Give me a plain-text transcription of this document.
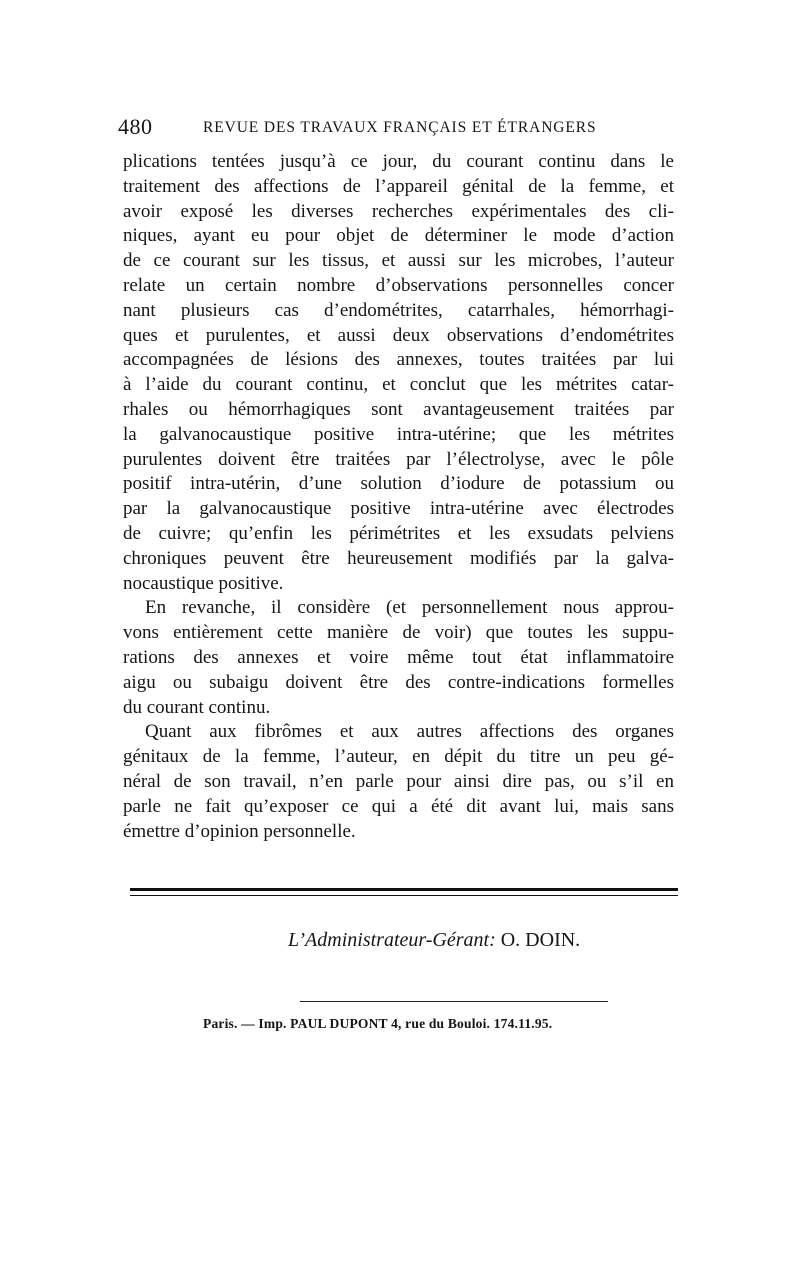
480	REVUE DES TRAVAUX FRANÇAIS ET ÉTRANGERS
plications tentées jusqu’à ce jour, du courant continu dans le
traitement des affections de l’appareil génital de la femme, et
avoir exposé les diverses recherches expérimentales des cli-
niques, ayant eu pour objet de déterminer le mode d’action
de ce courant sur les tissus, et aussi sur les microbes, l’auteur
relate un certain nombre d’observations personnelles concer
nant plusieurs cas d’endométrites, catarrhales, hémorrhagi-
ques et purulentes, et aussi deux observations d’endométrites
accompagnées de lésions des annexes, toutes traitées par lui
à l’aide du courant continu, et conclut que les métrites catar-
rhales ou hémorrhagiques sont avantageusement traitées par
la galvanocaustique positive intra-utérine; que les métrites
purulentes doivent être traitées par l’électrolyse, avec le pôle
positif intra-utérin, d’une solution d’iodure de potassium ou
par la galvanocaustique positive intra-utérine avec électrodes
de cuivre; qu’enfin les périmétrites et les exsudats pelviens
chroniques peuvent être heureusement modifiés par la galva-
nocaustique positive.
En revanche, il considère (et personnellement nous approu-
vons entièrement cette manière de voir) que toutes les suppu-
rations des annexes et voire même tout état inflammatoire
aigu ou subaigu doivent être des contre-indications formelles
du courant continu.
Quant aux fibrômes et aux autres affections des organes
génitaux de la femme, l’auteur, en dépit du titre un peu gé-
néral de son travail, n’en parle pour ainsi dire pas, ou s’il en
parle ne fait qu’exposer ce qui a été dit avant lui, mais sans
émettre d’opinion personnelle.
L’Administrateur-Gérant: O. DOIN.
Paris. — Imp. PAUL DUPONT 4, rue du Bouloi. 174.11.95.
